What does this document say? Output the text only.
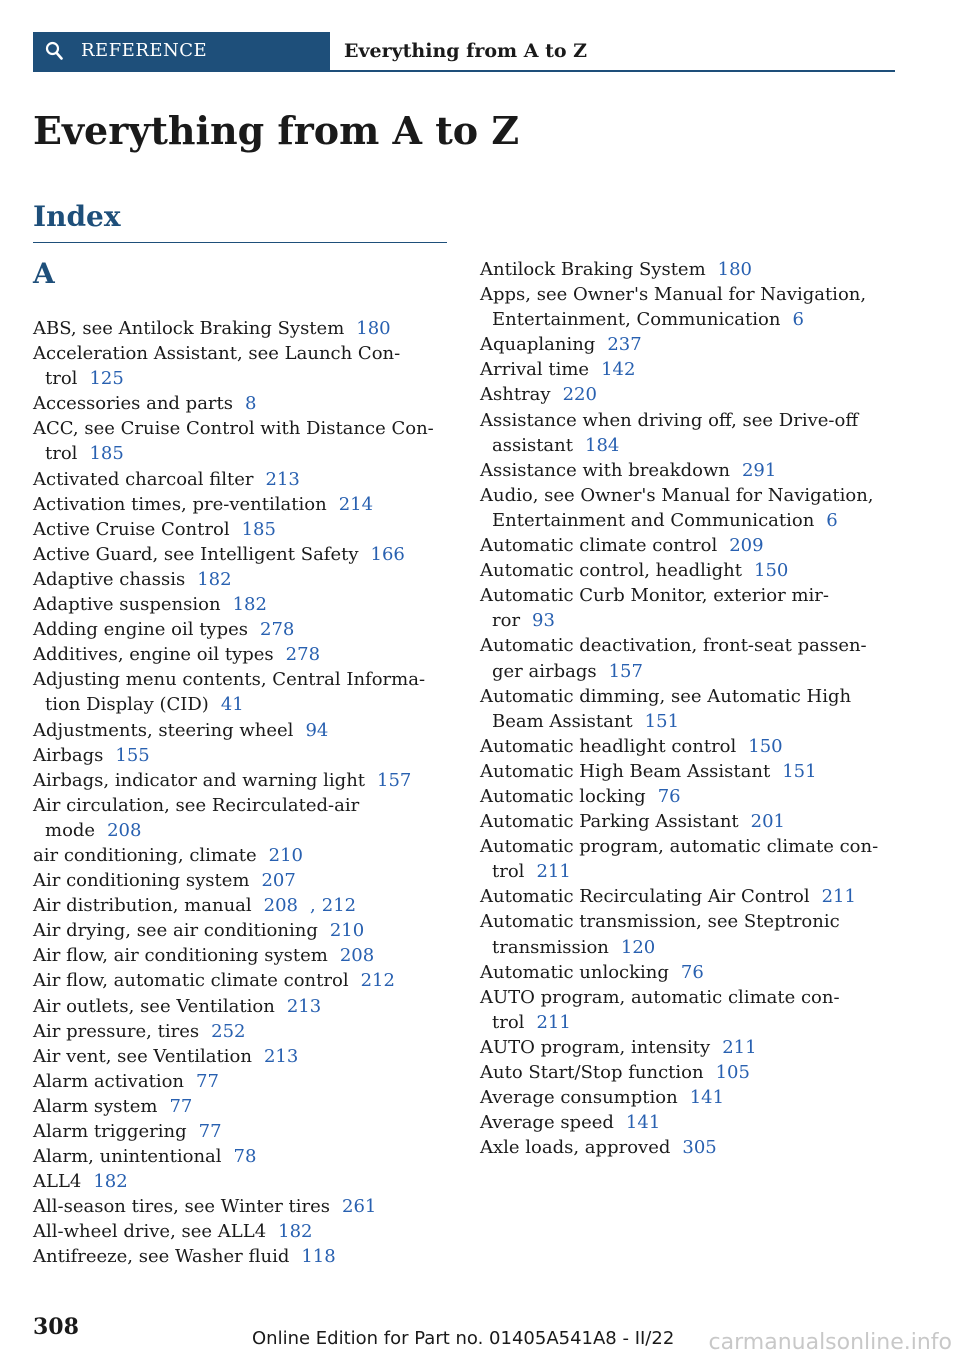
REFERENCE	Everything from A to Z
Everything from A to Z
Index
A
ABS, see Antilock Braking System 180
Acceleration Assistant, see Launch Con-
trol 125
Accessories and parts 8
ACC, see Cruise Control with Distance Con-
trol 185
Activated charcoal filter 213
Activation times, pre-ventilation 214
Active Cruise Control 185
Active Guard, see Intelligent Safety 166
Adaptive chassis 182
Adaptive suspension 182
Adding engine oil types 278
Additives, engine oil types 278
Adjusting menu contents, Central Informa-
tion Display (CID) 41
Adjustments, steering wheel 94
Airbags 155
Airbags, indicator and warning light 157
Air circulation, see Recirculated-air
mode 208
air conditioning, climate 210
Air conditioning system 207
Air distribution, manual 208 , 212
Air drying, see air conditioning 210
Air flow, air conditioning system 208
Air flow, automatic climate control 212
Air outlets, see Ventilation 213
Air pressure, tires 252
Air vent, see Ventilation 213
Alarm activation 77
Alarm system 77
Alarm triggering 77
Alarm, unintentional 78
ALL4 182
All-season tires, see Winter tires 261
All-wheel drive, see ALL4 182
Antifreeze, see Washer fluid 118
Antilock Braking System 180
Apps, see Owner's Manual for Navigation,
Entertainment, Communication 6
Aquaplaning 237
Arrival time 142
Ashtray 220
Assistance when driving off, see Drive-off
assistant 184
Assistance with breakdown 291
Audio, see Owner's Manual for Navigation,
Entertainment and Communication 6
Automatic climate control 209
Automatic control, headlight 150
Automatic Curb Monitor, exterior mir-
ror 93
Automatic deactivation, front-seat passen-
ger airbags 157
Automatic dimming, see Automatic High
Beam Assistant 151
Automatic headlight control 150
Automatic High Beam Assistant 151
Automatic locking 76
Automatic Parking Assistant 201
Automatic program, automatic climate con-
trol 211
Automatic Recirculating Air Control 211
Automatic transmission, see Steptronic
transmission 120
Automatic unlocking 76
AUTO program, automatic climate con-
trol 211
AUTO program, intensity 211
Auto Start/Stop function 105
Average consumption 141
Average speed 141
Axle loads, approved 305
308	Online Edition for Part no. 01405A541A8 - II/22 carmanualsonline.info
